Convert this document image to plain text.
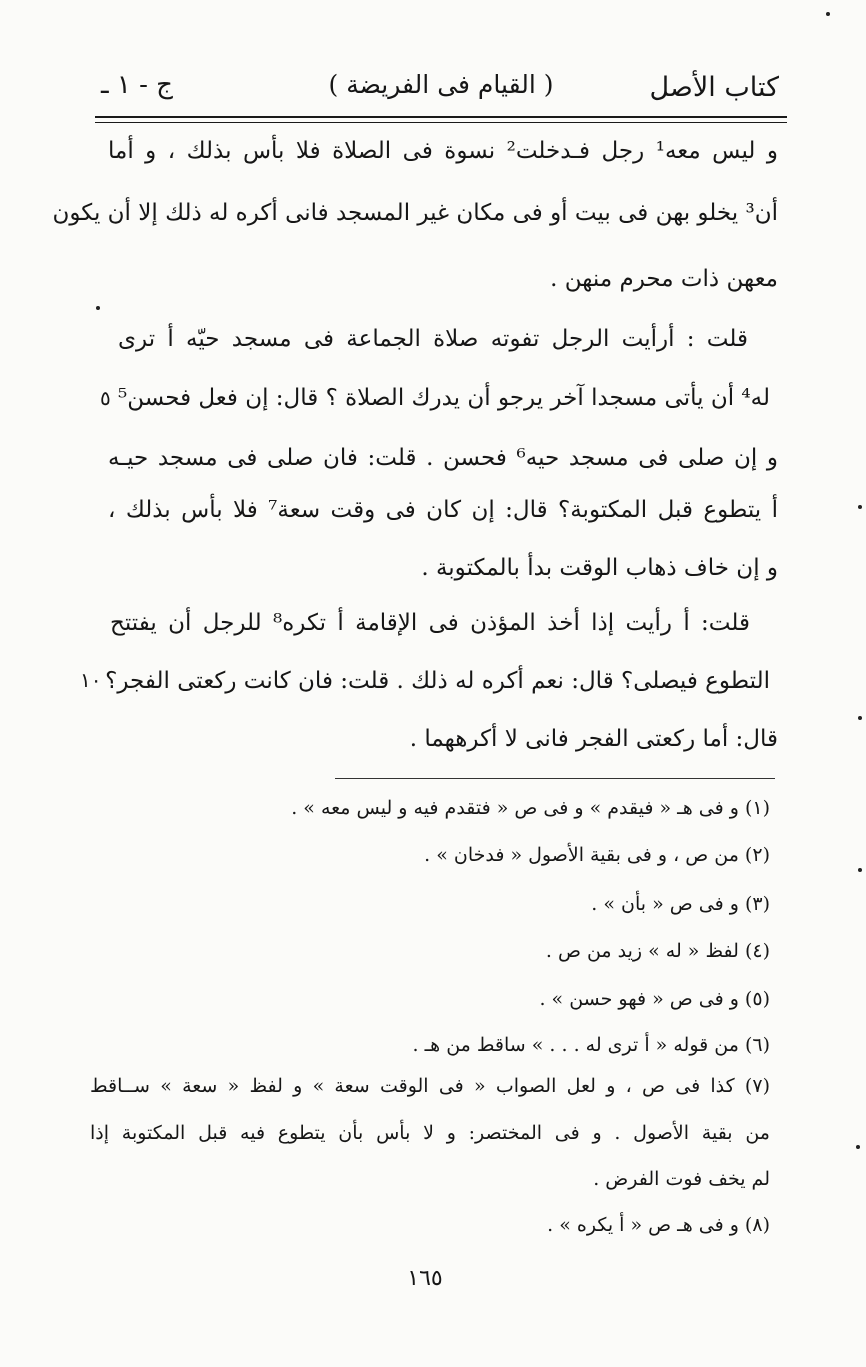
كتاب الأصل
( القيام فى الفريضة )
ج - ١ ـ
و ليس معه¹ رجل فـدخلت² نسوة فى الصلاة فلا بأس بذلك ، و أما
أن³ يخلو بهن فى بيت أو فى مكان غير المسجد فانى أكره له ذلك إلا أن يكون
معهن ذات محرم منهن .
قلت : أرأيت الرجل تفوته صلاة الجماعة فى مسجد حيّه أ ترى
له⁴ أن يأتى مسجدا آخر يرجو أن يدرك الصلاة ؟ قال: إن فعل فحسن⁵
٥
و إن صلى فى مسجد حيه⁶ فحسن . قلت: فان صلى فى مسجد حيـه
أ يتطوع قبل المكتوبة؟ قال: إن كان فى وقت سعة⁷ فلا بأس بذلك ،
و إن خاف ذهاب الوقت بدأ بالمكتوبة .
قلت: أ رأيت إذا أخذ المؤذن فى الإقامة أ تكره⁸ للرجل أن يفتتح
التطوع فيصلى؟ قال: نعم أكره له ذلك . قلت: فان كانت ركعتى الفجر؟
١٠
قال: أما ركعتى الفجر فانى لا أكرههما .
(١) و فى هـ « فيقدم » و فى ص « فتقدم فيه و ليس معه » .
(٢) من ص ، و فى بقية الأصول « فدخان » .
(٣) و فى ص « بأن » .
(٤) لفظ « له » زيد من ص .
(٥) و فى ص « فهو حسن » .
(٦) من قوله « أ ترى له . . . » ساقط من هـ .
(٧) كذا فى ص ، و لعل الصواب « فى الوقت سعة » و لفظ « سعة » ســاقط
من بقية الأصول . و فى المختصر: و لا بأس بأن يتطوع فيه قبل المكتوبة إذا
لم يخف فوت الفرض .
(٨) و فى هـ ص « أ يكره » .
١٦٥
